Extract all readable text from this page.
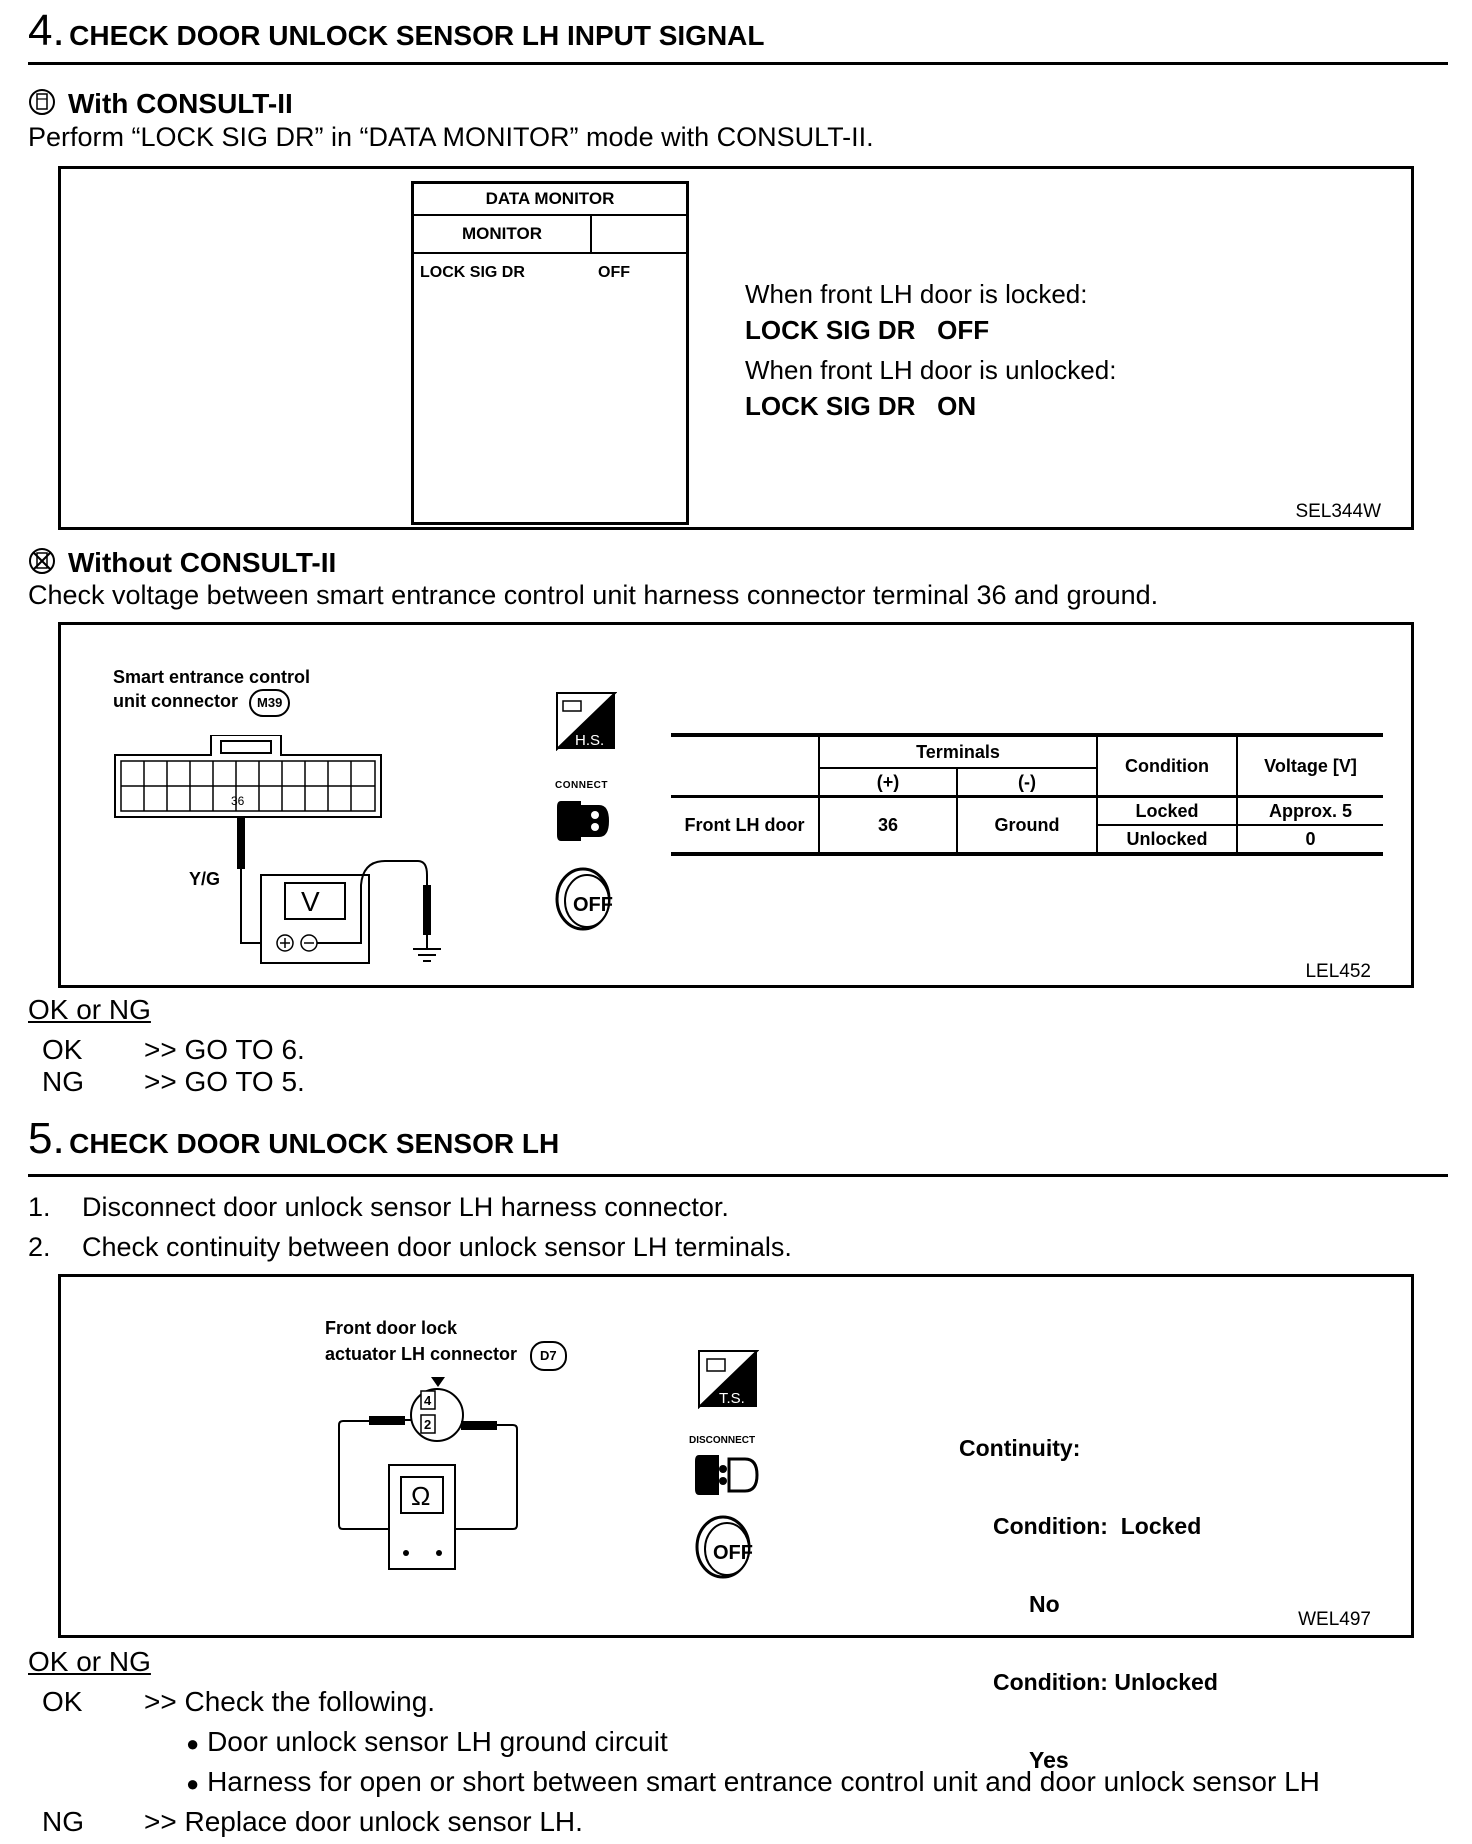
4. CHECK DOOR UNLOCK SENSOR LH INPUT SIGNAL
With CONSULT-II
Perform “LOCK SIG DR” in “DATA MONITOR” mode with CONSULT-II.
DATA MONITOR
MONITOR
LOCK SIG DR	OFF
When front LH door is locked:
LOCK SIG DR   OFF
When front LH door is unlocked:
LOCK SIG DR   ON
SEL344W
Without CONSULT-II
Check voltage between smart entrance control unit harness connector terminal 36 and ground.
Smart entrance control
unit connector M39
36
Y/G
V
H.S.
CONNECT
OFF
	Terminals		Condition	Voltage [V]
	(+)	(-)		
Front LH door	36	Ground	Locked	Approx. 5
			Unlocked	0
LEL452
OK or NG
OK >> GO TO 6.
NG >> GO TO 5.
5. CHECK DOOR UNLOCK SENSOR LH
1. Disconnect door unlock sensor LH harness connector.
2. Check continuity between door unlock sensor LH terminals.
Front door lock
actuator LH connector D7
4
2
Ω
T.S.
DISCONNECT
OFF

Continuity:

Condition:  Locked

No

Condition: Unlocked

Yes

WEL497
OK or NG
OK >> Check the following.
● Door unlock sensor LH ground circuit
● Harness for open or short between smart entrance control unit and door unlock sensor LH
NG >> Replace door unlock sensor LH.
